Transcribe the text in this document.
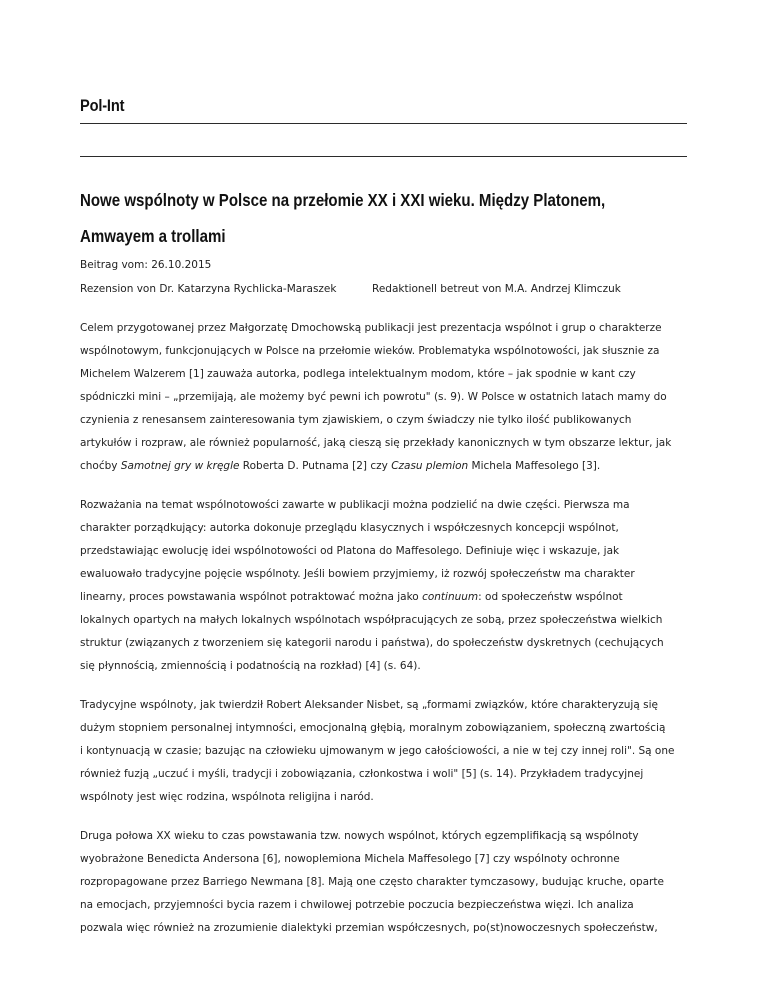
Pol-Int
Nowe wspólnoty w Polsce na przełomie XX i XXI wieku. Między Platonem, Amwayem a trollami
Beitrag vom: 26.10.2015
Rezension von Dr. Katarzyna Rychlicka-Maraszek	Redaktionell betreut von M.A. Andrzej Klimczuk

Celem przygotowanej przez Małgorzatę Dmochowską publikacji jest prezentacja wspólnot i grup o charakterze
wspólnotowym, funkcjonujących w Polsce na przełomie wieków. Problematyka wspólnotowości, jak słusznie za
Michelem Walzerem [1] zauważa autorka, podlega intelektualnym modom, które – jak spodnie w kant czy
spódniczki mini – „przemijają, ale możemy być pewni ich powrotu" (s. 9). W Polsce w ostatnich latach mamy do
czynienia z renesansem zainteresowania tym zjawiskiem, o czym świadczy nie tylko ilość publikowanych
artykułów i rozpraw, ale również popularność, jaką cieszą się przekłady kanonicznych w tym obszarze lektur, jak
choćby Samotnej gry w kręgle Roberta D. Putnama [2] czy Czasu plemion Michela Maffesolego [3].

Rozważania na temat wspólnotowości zawarte w publikacji można podzielić na dwie części. Pierwsza ma
charakter porządkujący: autorka dokonuje przeglądu klasycznych i współczesnych koncepcji wspólnot,
przedstawiając ewolucję idei wspólnotowości od Platona do Maffesolego. Definiuje więc i wskazuje, jak
ewaluowało tradycyjne pojęcie wspólnoty. Jeśli bowiem przyjmiemy, iż rozwój społeczeństw ma charakter
linearny, proces powstawania wspólnot potraktować można jako continuum: od społeczeństw wspólnot
lokalnych opartych na małych lokalnych wspólnotach współpracujących ze sobą, przez społeczeństwa wielkich
struktur (związanych z tworzeniem się kategorii narodu i państwa), do społeczeństw dyskretnych (cechujących
się płynnością, zmiennością i podatnością na rozkład) [4] (s. 64).

Tradycyjne wspólnoty, jak twierdził Robert Aleksander Nisbet, są „formami związków, które charakteryzują się
dużym stopniem personalnej intymności, emocjonalną głębią, moralnym zobowiązaniem, społeczną zwartością
i kontynuacją w czasie; bazując na człowieku ujmowanym w jego całościowości, a nie w tej czy innej roli". Są one
również fuzją „uczuć i myśli, tradycji i zobowiązania, członkostwa i woli" [5] (s. 14). Przykładem tradycyjnej
wspólnoty jest więc rodzina, wspólnota religijna i naród.

Druga połowa XX wieku to czas powstawania tzw. nowych wspólnot, których egzemplifikacją są wspólnoty
wyobrażone Benedicta Andersona [6], nowoplemiona Michela Maffesolego [7] czy wspólnoty ochronne
rozpropagowane przez Barriego Newmana [8]. Mają one często charakter tymczasowy, budując kruche, oparte
na emocjach, przyjemności bycia razem i chwilowej potrzebie poczucia bezpieczeństwa więzi. Ich analiza
pozwala więc również na zrozumienie dialektyki przemian współczesnych, po(st)nowoczesnych społeczeństw,
